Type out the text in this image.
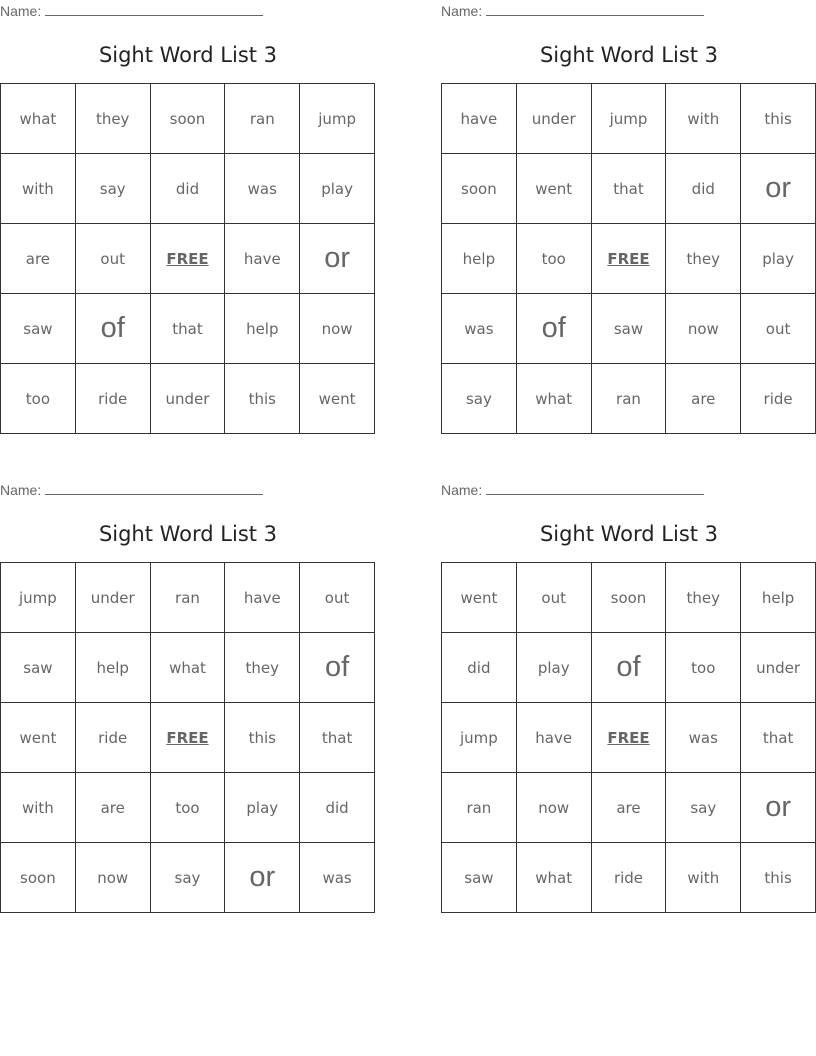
Name:
Sight Word List 3
what	they	soon	ran	jump
with	say	did	was	play
are	out	FREE	have	or
saw	of	that	help	now
too	ride	under	this	went
Name:
Sight Word List 3
have	under	jump	with	this
soon	went	that	did	or
help	too	FREE	they	play
was	of	saw	now	out
say	what	ran	are	ride
Name:
Sight Word List 3
jump	under	ran	have	out
saw	help	what	they	of
went	ride	FREE	this	that
with	are	too	play	did
soon	now	say	or	was
Name:
Sight Word List 3
went	out	soon	they	help
did	play	of	too	under
jump	have	FREE	was	that
ran	now	are	say	or
saw	what	ride	with	this
